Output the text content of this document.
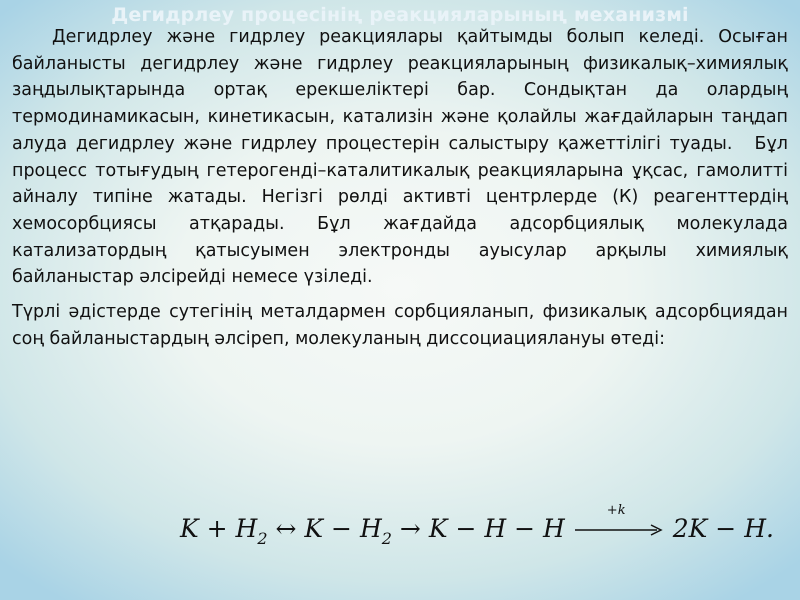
Дегидрлеу процесінің реакцияларының механизмі

Дегидрлеу және гидрлеу реакциялары қайтымды болып келеді. Осыған байланысты дегидрлеу және гидрлеу реакцияларының физикалық–химиялық заңдылықтарында ортақ ерекшеліктері бар. Сондықтан да олардың термодинамикасын, кинетикасын, катализін және қолайлы жағдайларын таңдап алуда дегидрлеу және гидрлеу процестерін салыстыру қажеттілігі туады. Бұл процесс тотығудың гетерогенді–каталитикалық реакцияларына ұқсас, гамолитті айналу типіне жатады. Негізгі рөлді активті центрлерде (К) реагенттердің хемосорбциясы атқарады. Бұл жағдайда адсорбциялық молекулада катализатордың қатысуымен электронды ауысулар арқылы химиялық байланыстар әлсірейді немесе үзіледі.

Түрлі әдістерде сутегінің металдармен сорбцияланып, физикалық адсорбциядан соң байланыстардың әлсіреп, молекуланың диссоциациялануы өтеді:

$K + H_2$ ↔ $K - H_2 \to K - H - H$
+k
2K − H.
